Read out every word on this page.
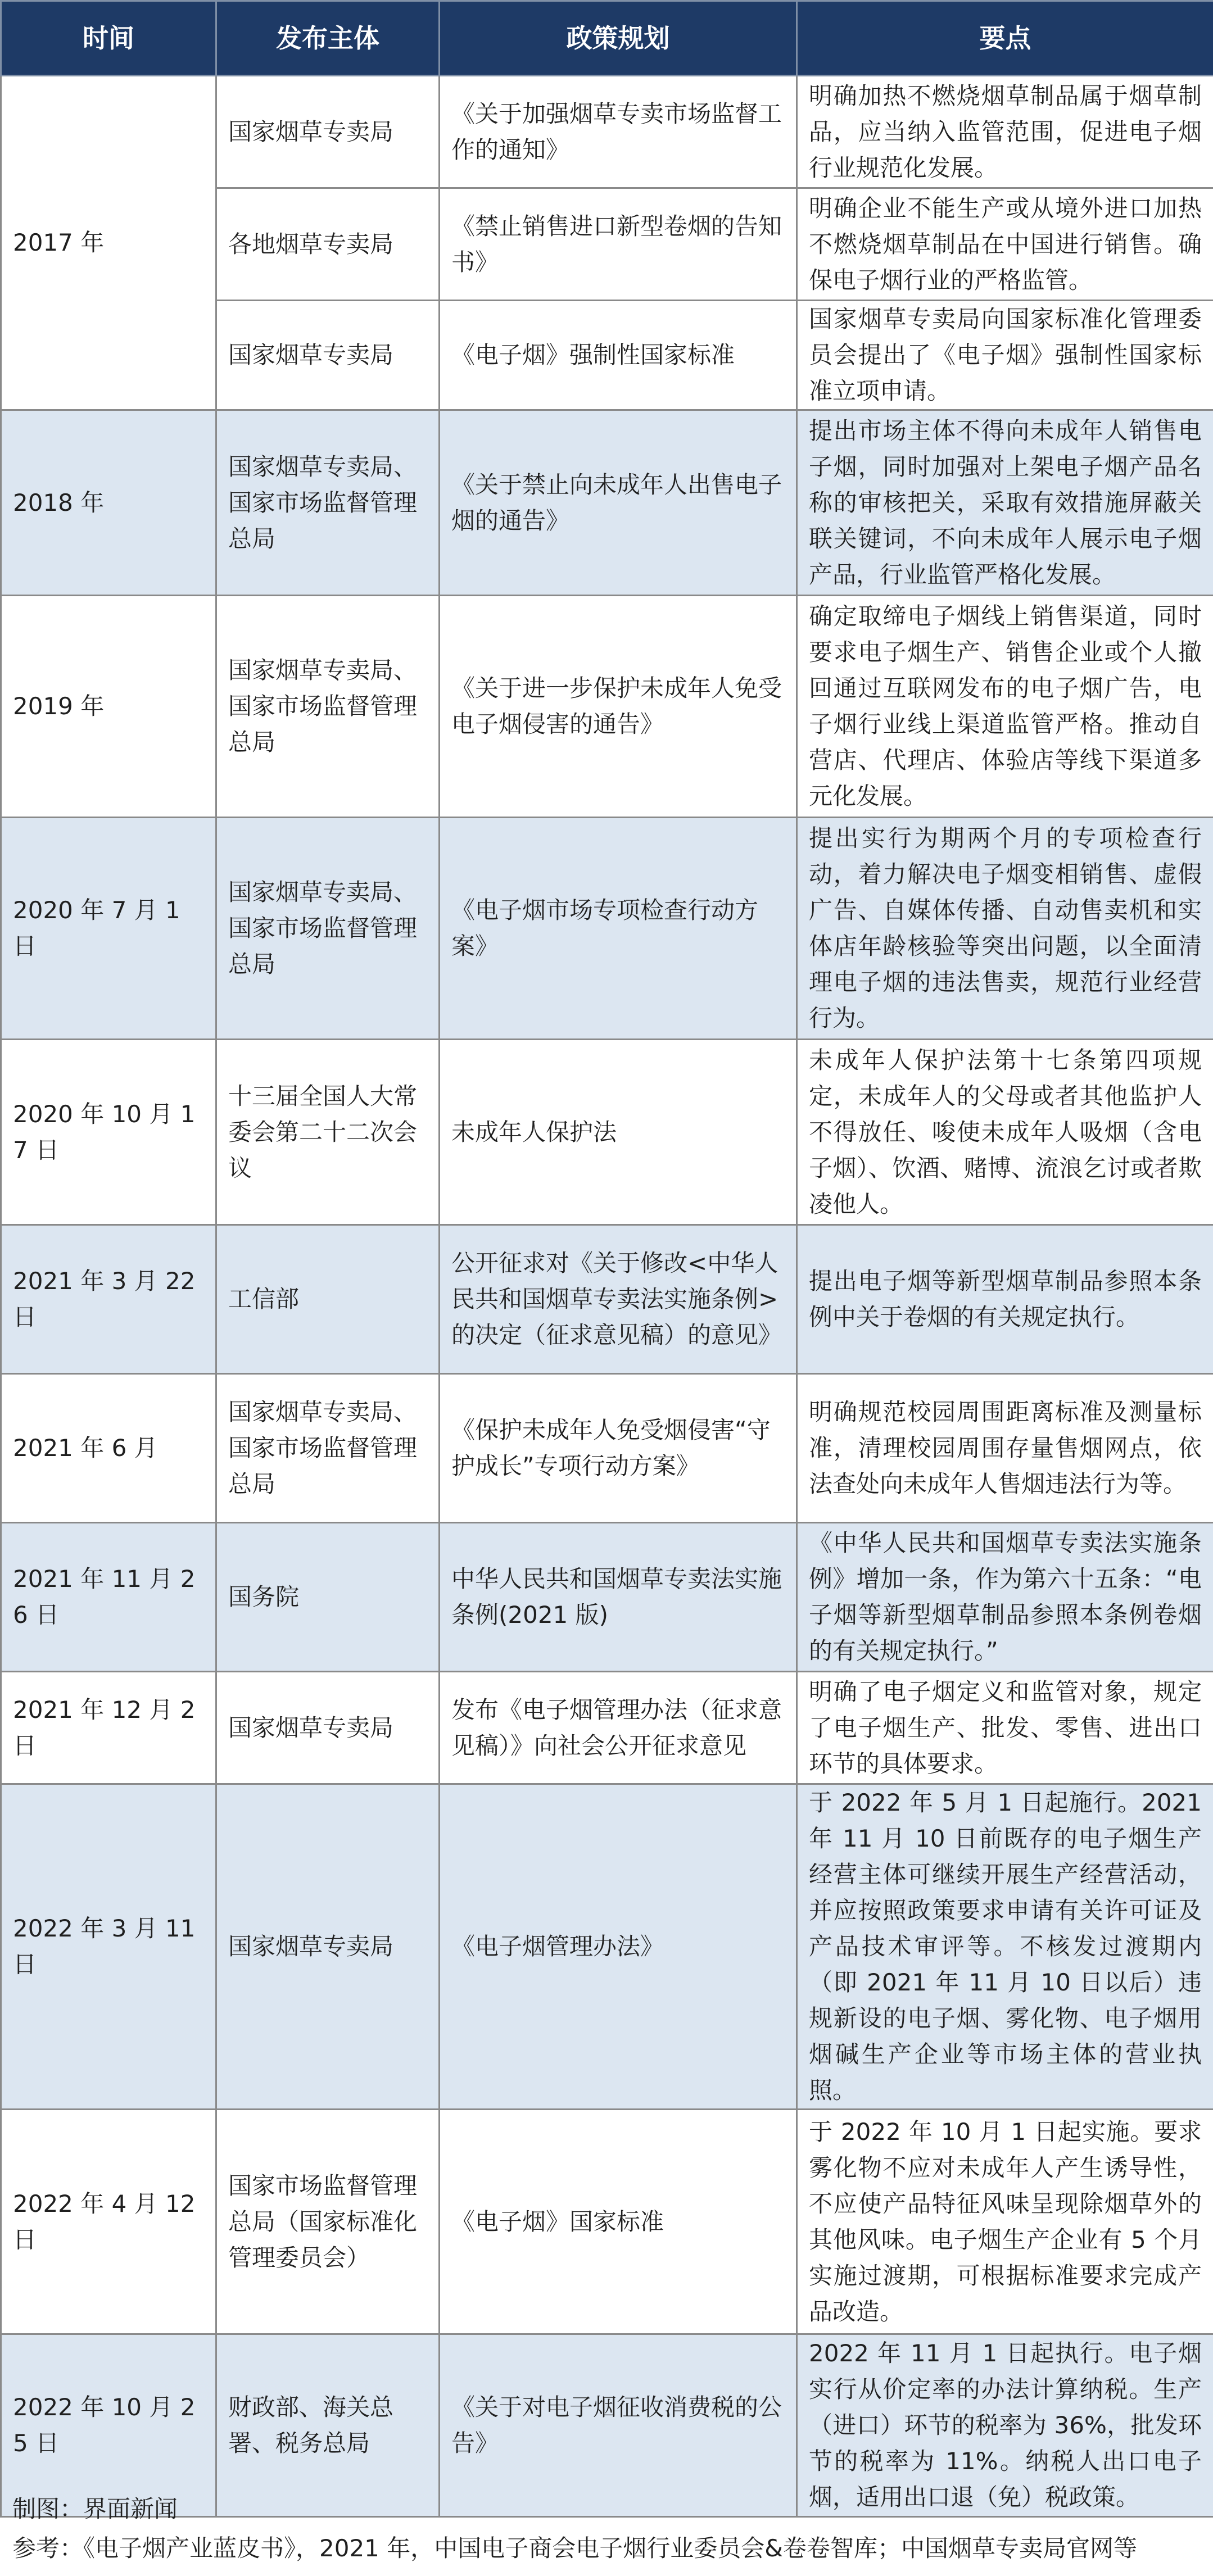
时间	发布主体	政策规划	要点
2017 年	国家烟草专卖局	《关于加强烟草专卖市场监督工作的通知》	明确加热不燃烧烟草制品属于烟草制品，应当纳入监管范围，促进电子烟行业规范化发展。
	各地烟草专卖局	《禁止销售进口新型卷烟的告知书》	明确企业不能生产或从境外进口加热不燃烧烟草制品在中国进行销售。确保电子烟行业的严格监管。
	国家烟草专卖局	《电子烟》强制性国家标准	国家烟草专卖局向国家标准化管理委员会提出了《电子烟》强制性国家标准立项申请。
2018 年	国家烟草专卖局、国家市场监督管理总局	《关于禁止向未成年人出售电子烟的通告》	提出市场主体不得向未成年人销售电子烟，同时加强对上架电子烟产品名称的审核把关，采取有效措施屏蔽关联关键词，不向未成年人展示电子烟产品，行业监管严格化发展。
2019 年	国家烟草专卖局、国家市场监督管理总局	《关于进一步保护未成年人免受电子烟侵害的通告》	确定取缔电子烟线上销售渠道，同时要求电子烟生产、销售企业或个人撤回通过互联网发布的电子烟广告，电子烟行业线上渠道监管严格。推动自营店、代理店、体验店等线下渠道多元化发展。
2020 年 7 月 1 日	国家烟草专卖局、国家市场监督管理总局	《电子烟市场专项检查行动方案》	提出实行为期两个月的专项检查行动，着力解决电子烟变相销售、虚假广告、自媒体传播、自动售卖机和实体店年龄核验等突出问题，以全面清理电子烟的违法售卖，规范行业经营行为。
2020 年 10 月 17 日	十三届全国人大常委会第二十二次会议	未成年人保护法	未成年人保护法第十七条第四项规定，未成年人的父母或者其他监护人不得放任、唆使未成年人吸烟（含电子烟）、饮酒、赌博、流浪乞讨或者欺凌他人。
2021 年 3 月 22 日	工信部	公开征求对《关于修改<中华人民共和国烟草专卖法实施条例>的决定（征求意见稿）的意见》	提出电子烟等新型烟草制品参照本条例中关于卷烟的有关规定执行。
2021 年 6 月	国家烟草专卖局、国家市场监督管理总局	《保护未成年人免受烟侵害“守护成长”专项行动方案》	明确规范校园周围距离标准及测量标准，清理校园周围存量售烟网点，依法查处向未成年人售烟违法行为等。
2021 年 11 月 26 日	国务院	中华人民共和国烟草专卖法实施条例(2021 版)	《中华人民共和国烟草专卖法实施条例》增加一条，作为第六十五条：“电子烟等新型烟草制品参照本条例卷烟的有关规定执行。”
2021 年 12 月 2 日	国家烟草专卖局	发布《电子烟管理办法（征求意见稿）》向社会公开征求意见	明确了电子烟定义和监管对象，规定了电子烟生产、批发、零售、进出口环节的具体要求。
2022 年 3 月 11 日	国家烟草专卖局	《电子烟管理办法》	于 2022 年 5 月 1 日起施行。2021 年 11 月 10 日前既存的电子烟生产经营主体可继续开展生产经营活动，并应按照政策要求申请有关许可证及产品技术审评等。不核发过渡期内（即 2021 年 11 月 10 日以后）违规新设的电子烟、雾化物、电子烟用烟碱生产企业等市场主体的营业执照。
2022 年 4 月 12 日	国家市场监督管理总局（国家标准化管理委员会）	《电子烟》国家标准	于 2022 年 10 月 1 日起实施。要求雾化物不应对未成年人产生诱导性，不应使产品特征风味呈现除烟草外的其他风味。电子烟生产企业有 5 个月实施过渡期，可根据标准要求完成产品改造。
2022 年 10 月 25 日	财政部、海关总署、税务总局	《关于对电子烟征收消费税的公告》	2022 年 11 月 1 日起执行。电子烟实行从价定率的办法计算纳税。生产（进口）环节的税率为 36%，批发环节的税率为 11%。纳税人出口电子烟，适用出口退（免）税政策。
制图：界面新闻
参考：《电子烟产业蓝皮书》，2021 年，中国电子商会电子烟行业委员会&卷卷智库；中国烟草专卖局官网等
